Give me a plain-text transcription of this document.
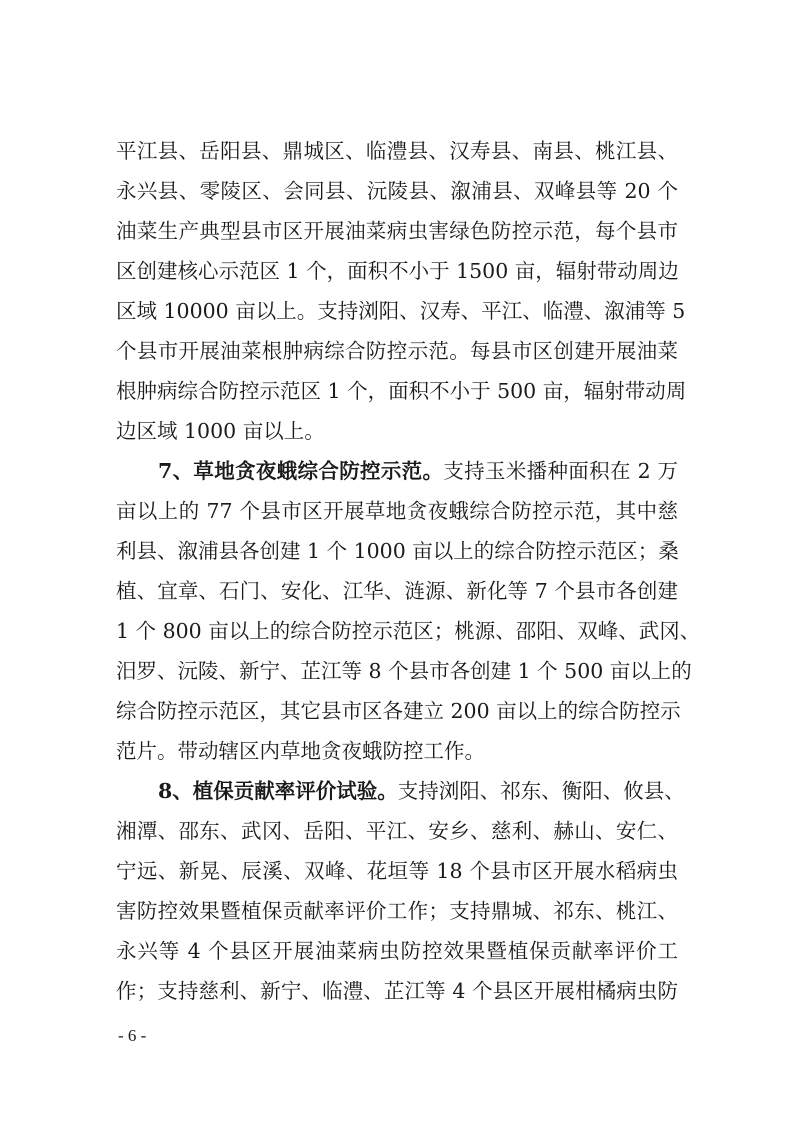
平江县、岳阳县、鼎城区、临澧县、汉寿县、南县、桃江县、
永兴县、零陵区、会同县、沅陵县、溆浦县、双峰县等 20 个
油菜生产典型县市区开展油菜病虫害绿色防控示范，每个县市
区创建核心示范区 1 个，面积不小于 1500 亩，辐射带动周边
区域 10000 亩以上。支持浏阳、汉寿、平江、临澧、溆浦等 5
个县市开展油菜根肿病综合防控示范。每县市区创建开展油菜
根肿病综合防控示范区 1 个，面积不小于 500 亩，辐射带动周
边区域 1000 亩以上。
7、草地贪夜蛾综合防控示范。支持玉米播种面积在 2 万
亩以上的 77 个县市区开展草地贪夜蛾综合防控示范，其中慈
利县、溆浦县各创建 1 个 1000 亩以上的综合防控示范区；桑
植、宜章、石门、安化、江华、涟源、新化等 7 个县市各创建
1 个 800 亩以上的综合防控示范区；桃源、邵阳、双峰、武冈、
汨罗、沅陵、新宁、芷江等 8 个县市各创建 1 个 500 亩以上的
综合防控示范区，其它县市区各建立 200 亩以上的综合防控示
范片。带动辖区内草地贪夜蛾防控工作。
8、植保贡献率评价试验。支持浏阳、祁东、衡阳、攸县、
湘潭、邵东、武冈、岳阳、平江、安乡、慈利、赫山、安仁、
宁远、新晃、辰溪、双峰、花垣等 18 个县市区开展水稻病虫
害防控效果暨植保贡献率评价工作；支持鼎城、祁东、桃江、
永兴等 4 个县区开展油菜病虫防控效果暨植保贡献率评价工
作；支持慈利、新宁、临澧、芷江等 4 个县区开展柑橘病虫防
- 6 -
